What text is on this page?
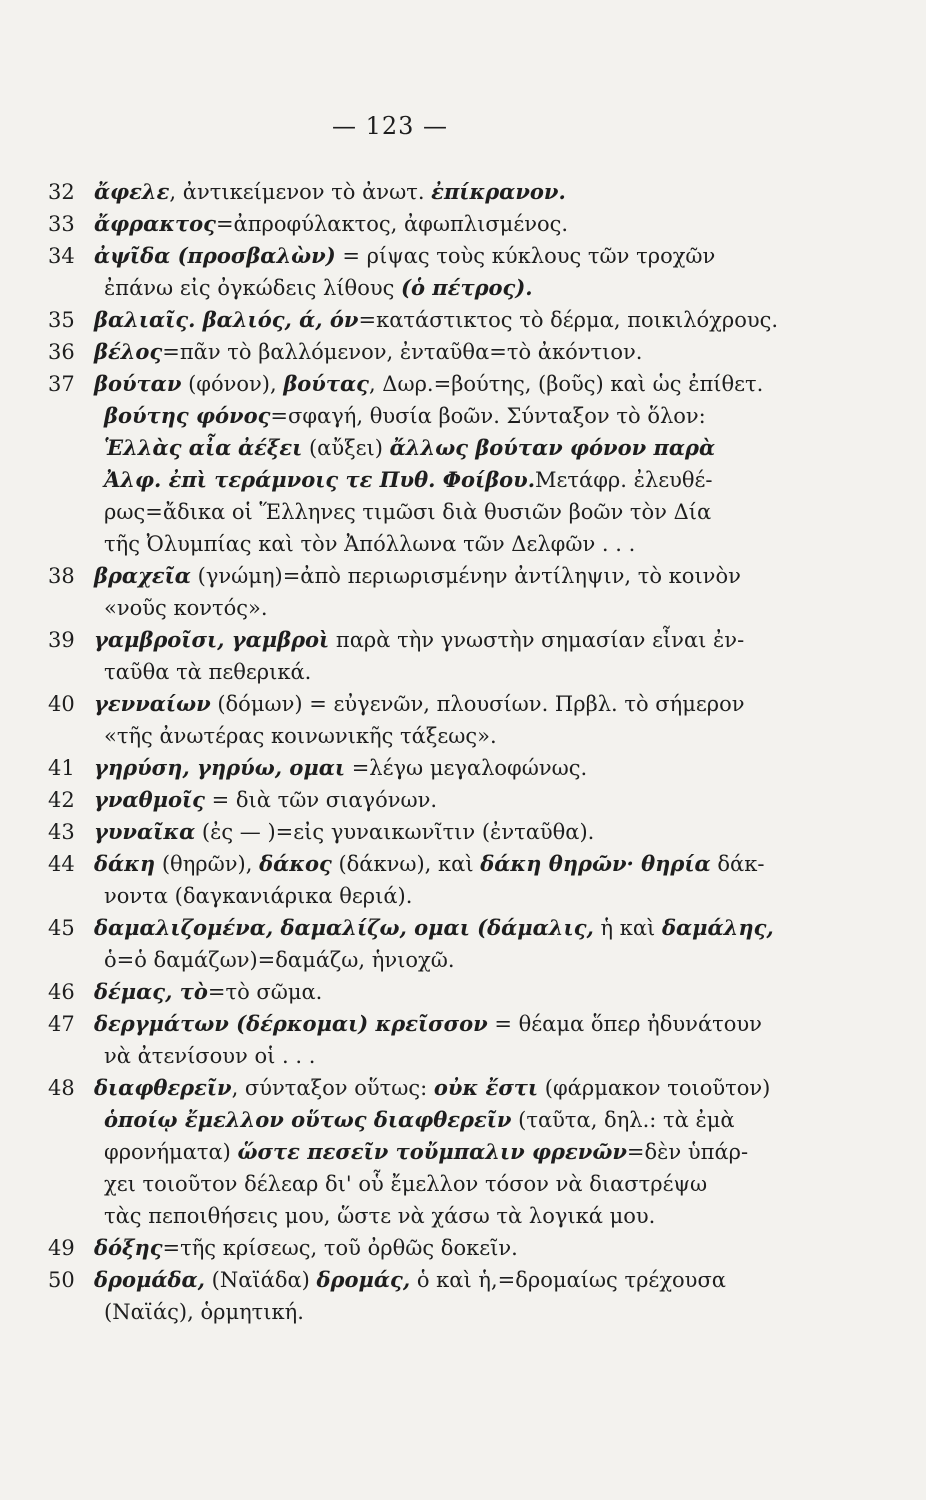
— 123 —
32 ἄφελε, ἀντικείμενον τὸ ἀνωτ. ἐπίκρανον.
33 ἄφρακτος=ἀπροφύλακτος, ἀφωπλισμένος.
34 ἀψῖδα (προσβαλὼν) = ρίψας τοὺς κύκλους τῶν τροχῶν
ἐπάνω εἰς ὀγκώδεις λίθους (ὁ πέτρος).
35 βαλιαῖς. βαλιός, ά, όν=κατάστικτος τὸ δέρμα, ποικιλόχρους.
36 βέλος=πᾶν τὸ βαλλόμενον, ἐνταῦθα=τὸ ἀκόντιον.
37 βούταν (φόνον), βούτας, Δωρ.=βούτης, (βοῦς) καὶ ὡς ἐπίθετ.
βούτης φόνος=σφαγή, θυσία βοῶν. Σύνταξον τὸ ὅλον:
Ἑλλὰς αἶα ἀέξει (αὔξει) ἄλλως βούταν φόνον παρὰ
Ἀλφ. ἐπὶ τεράμνοις τε Πυθ. Φοίβου.Μετάφρ. ἐλευθέ-
ρως=ἄδικα οἱ Ἕλληνες τιμῶσι διὰ θυσιῶν βοῶν τὸν Δία
τῆς Ὀλυμπίας καὶ τὸν Ἀπόλλωνα τῶν Δελφῶν . . .
38 βραχεῖα (γνώμη)=ἀπὸ περιωρισμένην ἀντίληψιν, τὸ κοινὸν
«νοῦς κοντός».
39 γαμβροῖσι, γαμβροὶ παρὰ τὴν γνωστὴν σημασίαν εἶναι ἐν-
ταῦθα τὰ πεθερικά.
40 γενναίων (δόμων) = εὐγενῶν, πλουσίων. Πρβλ. τὸ σήμερον
«τῆς ἀνωτέρας κοινωνικῆς τάξεως».
41 γηρύση, γηρύω, ομαι =λέγω μεγαλοφώνως.
42 γναθμοῖς = διὰ τῶν σιαγόνων.
43 γυναῖκα (ἐς — )=εἰς γυναικωνῖτιν (ἐνταῦθα).
44 δάκη (θηρῶν), δάκος (δάκνω), καὶ δάκη θηρῶν· θηρία δάκ-
νοντα (δαγκανιάρικα θεριά).
45 δαμαλιζομένα, δαμαλίζω, ομαι (δάμαλις, ἡ καὶ δαμάλης,
ὁ=ὁ δαμάζων)=δαμάζω, ἡνιοχῶ.
46 δέμας, τὸ=τὸ σῶμα.
47 δεργμάτων (δέρκομαι) κρεῖσσον = θέαμα ὅπερ ἠδυνάτουν
νὰ ἀτενίσουν οἱ . . .
48 διαφθερεῖν, σύνταξον οὕτως: οὐκ ἔστι (φάρμακον τοιοῦτον)
ὁποίῳ ἔμελλον οὕτως διαφθερεῖν (ταῦτα, δηλ.: τὰ ἐμὰ
φρονήματα) ὥστε πεσεῖν τοὔμπαλιν φρενῶν=δὲν ὑπάρ-
χει τοιοῦτον δέλεαρ δι' οὗ ἔμελλον τόσον νὰ διαστρέψω
τὰς πεποιθήσεις μου, ὥστε νὰ χάσω τὰ λογικά μου.
49 δόξης=τῆς κρίσεως, τοῦ ὀρθῶς δοκεῖν.
50 δρομάδα, (Ναϊάδα) δρομάς, ὁ καὶ ἡ,=δρομαίως τρέχουσα
(Ναϊάς), ὁρμητική.
